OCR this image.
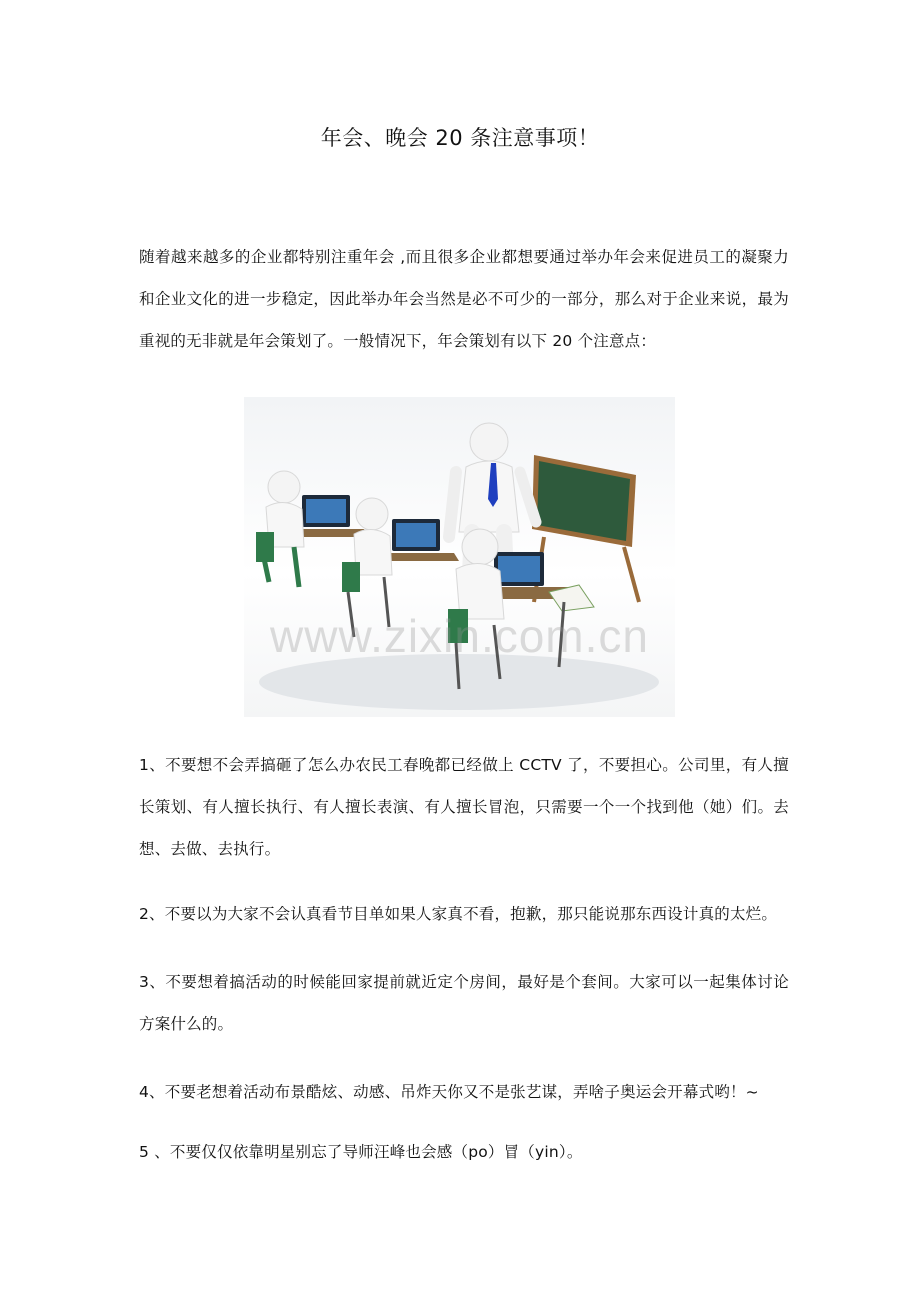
年会、晚会 20 条注意事项！

随着越来越多的企业都特别注重年会 ,而且很多企业都想要通过举办年会来促进员工的凝聚力和企业文化的进一步稳定，因此举办年会当然是必不可少的一部分，那么对于企业来说，最为重视的无非就是年会策划了。一般情况下，年会策划有以下 20 个注意点：

www.zixin.com.cn

1、不要想不会弄搞砸了怎么办农民工春晚都已经做上 CCTV 了，不要担心。公司里，有人擅长策划、有人擅长执行、有人擅长表演、有人擅长冒泡，只需要一个一个找到他（她）们。去想、去做、去执行。

2、不要以为大家不会认真看节目单如果人家真不看，抱歉，那只能说那东西设计真的太烂。

3、不要想着搞活动的时候能回家提前就近定个房间，最好是个套间。大家可以一起集体讨论方案什么的。

4、不要老想着活动布景酷炫、动感、吊炸天你又不是张艺谋，弄啥子奥运会开幕式哟！~

5 、不要仅仅依靠明星别忘了导师汪峰也会感（po）冒（yin）。
